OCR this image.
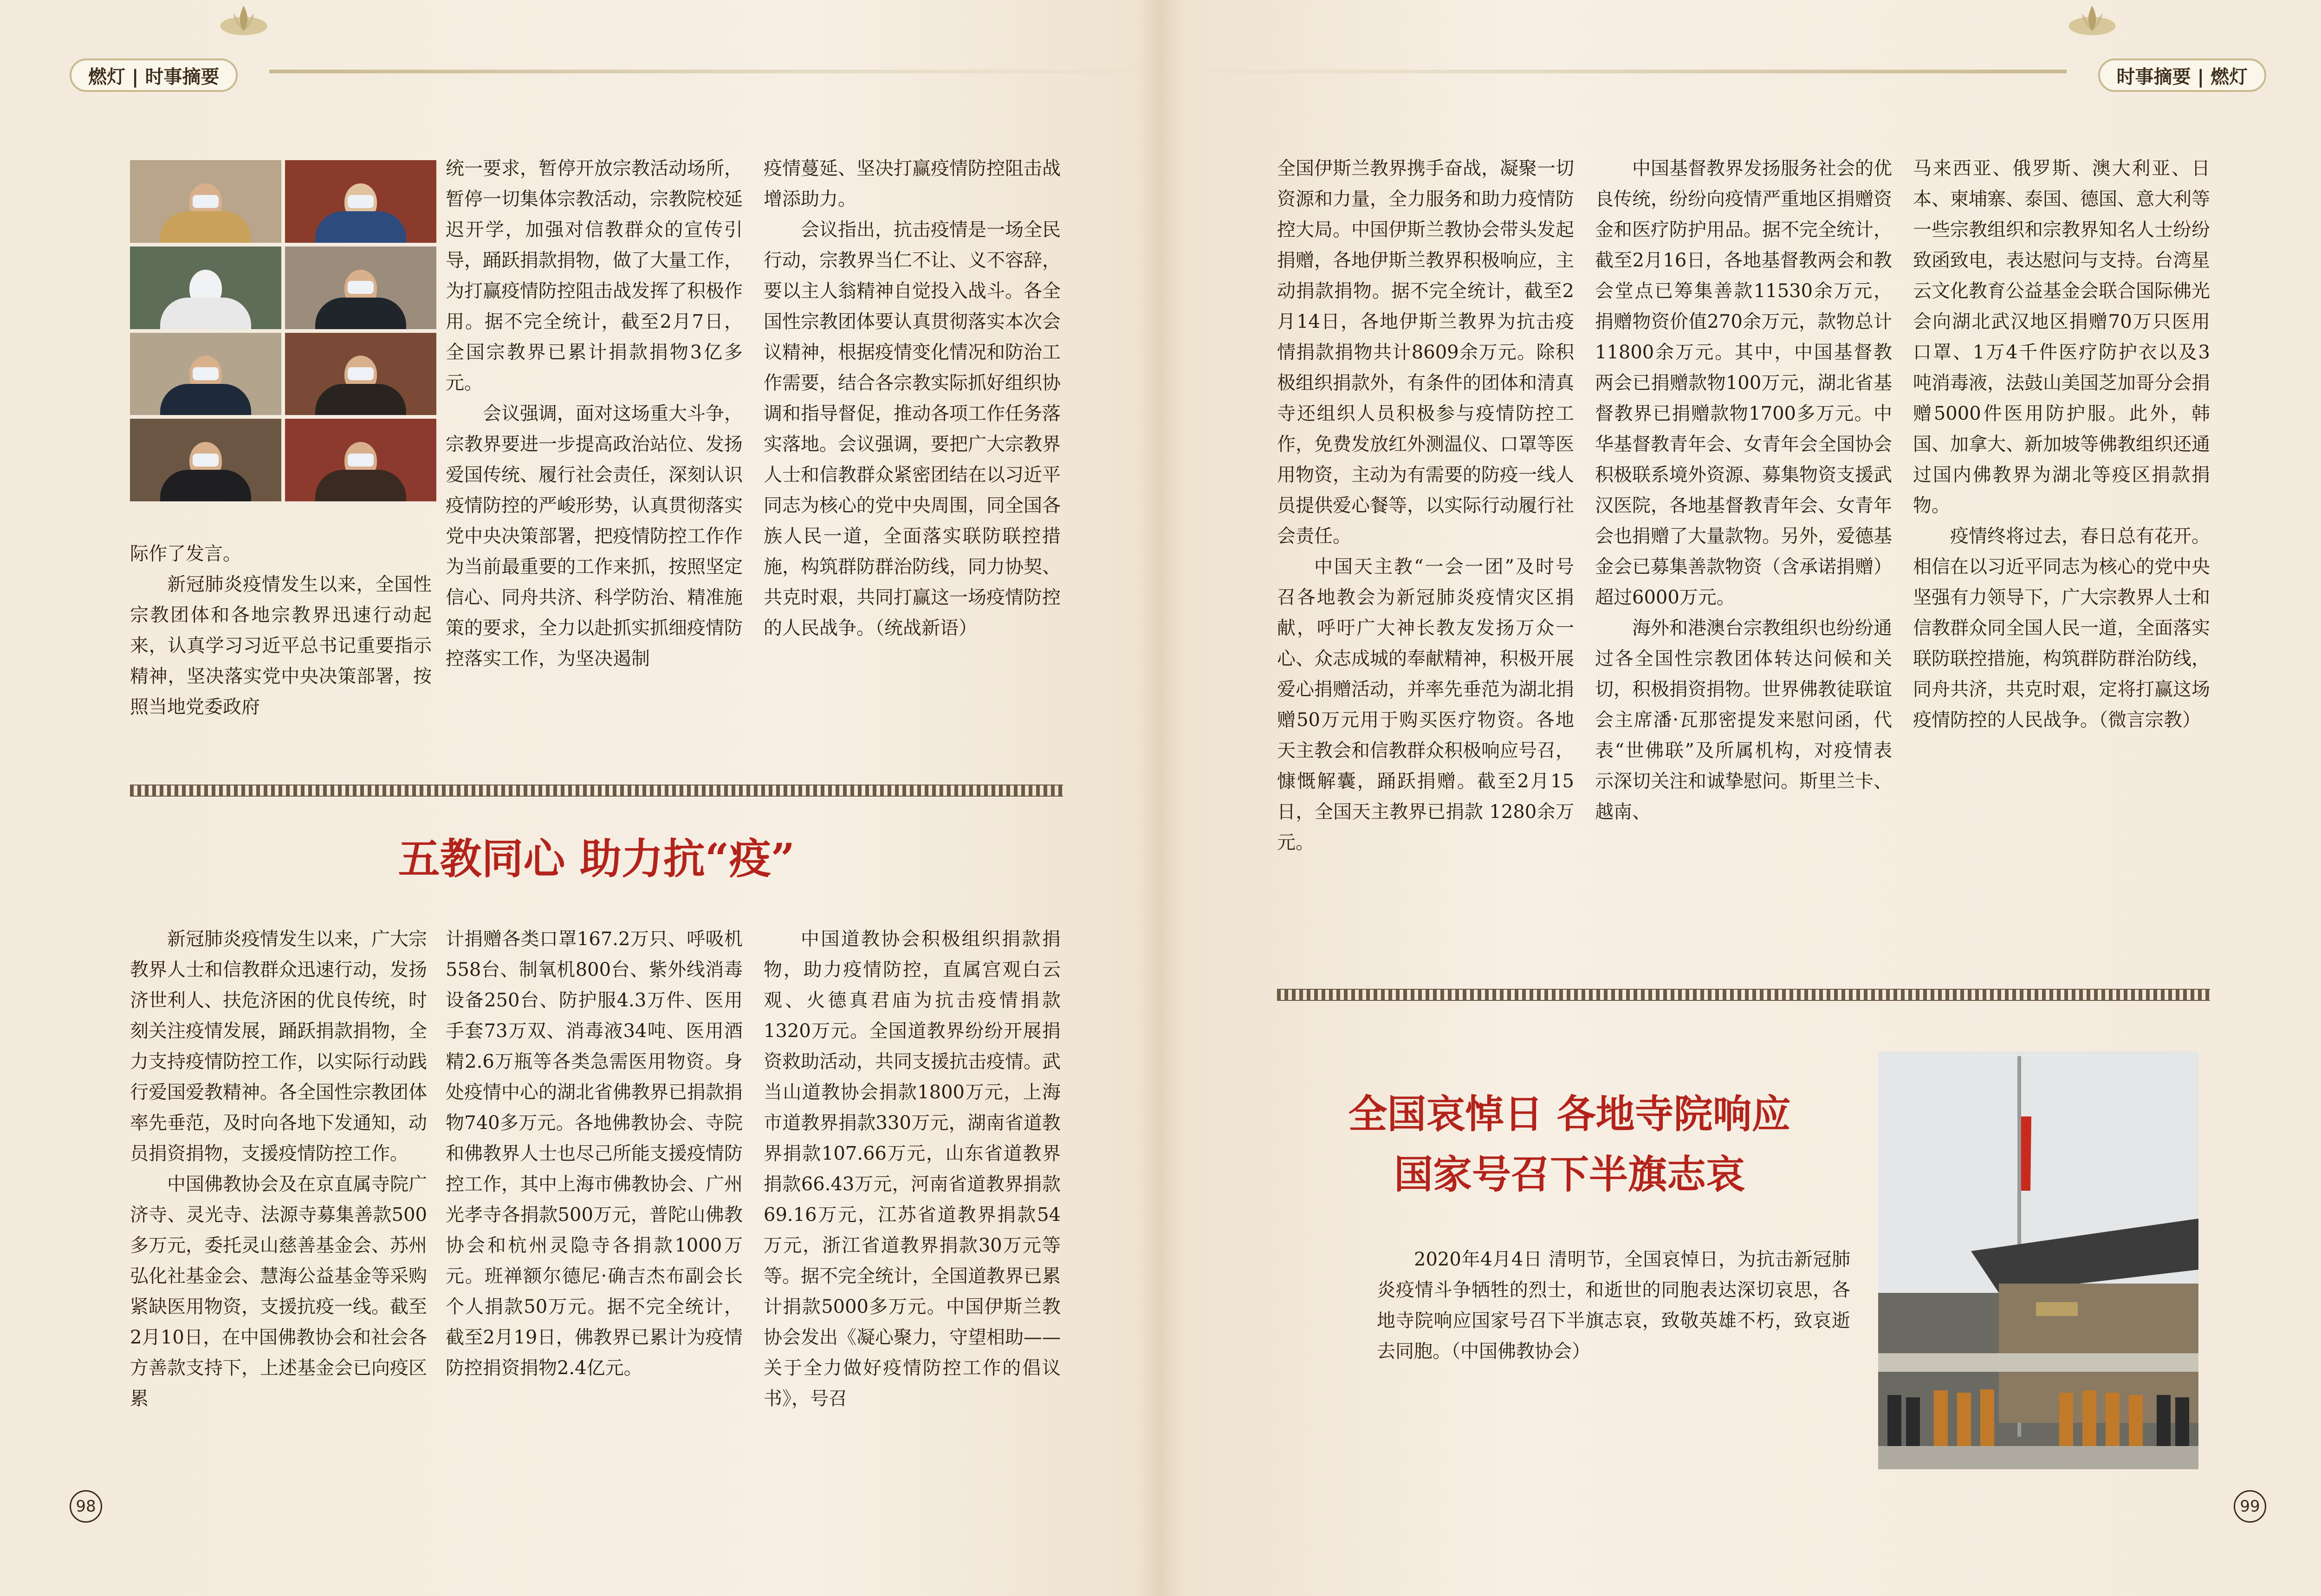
燃灯 | 时事摘要

际作了发言。

新冠肺炎疫情发生以来，全国性宗教团体和各地宗教界迅速行动起来，认真学习习近平总书记重要指示精神，坚决落实党中央决策部署，按照当地党委政府

统一要求，暂停开放宗教活动场所，暂停一切集体宗教活动，宗教院校延迟开学，加强对信教群众的宣传引导，踊跃捐款捐物，做了大量工作，为打赢疫情防控阻击战发挥了积极作用。据不完全统计，截至2月7日，全国宗教界已累计捐款捐物3亿多元。

会议强调，面对这场重大斗争，宗教界要进一步提高政治站位、发扬爱国传统、履行社会责任，深刻认识疫情防控的严峻形势，认真贯彻落实党中央决策部署，把疫情防控工作作为当前最重要的工作来抓，按照坚定信心、同舟共济、科学防治、精准施策的要求，全力以赴抓实抓细疫情防控落实工作，为坚决遏制

疫情蔓延、坚决打赢疫情防控阻击战增添助力。

会议指出，抗击疫情是一场全民行动，宗教界当仁不让、义不容辞，要以主人翁精神自觉投入战斗。各全国性宗教团体要认真贯彻落实本次会议精神，根据疫情变化情况和防治工作需要，结合各宗教实际抓好组织协调和指导督促，推动各项工作任务落实落地。会议强调，要把广大宗教界人士和信教群众紧密团结在以习近平同志为核心的党中央周围，同全国各族人民一道，全面落实联防联控措施，构筑群防群治防线，同力协契、共克时艰，共同打赢这一场疫情防控的人民战争。（统战新语）

五教同心 助力抗“疫”

新冠肺炎疫情发生以来，广大宗教界人士和信教群众迅速行动，发扬济世利人、扶危济困的优良传统，时刻关注疫情发展，踊跃捐款捐物，全力支持疫情防控工作，以实际行动践行爱国爱教精神。各全国性宗教团体率先垂范，及时向各地下发通知，动员捐资捐物，支援疫情防控工作。

中国佛教协会及在京直属寺院广济寺、灵光寺、法源寺募集善款500多万元，委托灵山慈善基金会、苏州弘化社基金会、慧海公益基金等采购紧缺医用物资，支援抗疫一线。截至2月10日，在中国佛教协会和社会各方善款支持下，上述基金会已向疫区累

计捐赠各类口罩167.2万只、呼吸机558台、制氧机800台、紫外线消毒设备250台、防护服4.3万件、医用手套73万双、消毒液34吨、医用酒精2.6万瓶等各类急需医用物资。身处疫情中心的湖北省佛教界已捐款捐物740多万元。各地佛教协会、寺院和佛教界人士也尽己所能支援疫情防控工作，其中上海市佛教协会、广州光孝寺各捐款500万元，普陀山佛教协会和杭州灵隐寺各捐款1000万元。班禅额尔德尼·确吉杰布副会长个人捐款50万元。据不完全统计，截至2月19日，佛教界已累计为疫情防控捐资捐物2.4亿元。

中国道教协会积极组织捐款捐物，助力疫情防控，直属宫观白云观、火德真君庙为抗击疫情捐款1320万元。全国道教界纷纷开展捐资救助活动，共同支援抗击疫情。武当山道教协会捐款1800万元，上海市道教界捐款330万元，湖南省道教界捐款107.66万元，山东省道教界捐款66.43万元，河南省道教界捐款69.16万元，江苏省道教界捐款54万元，浙江省道教界捐款30万元等等。据不完全统计，全国道教界已累计捐款5000多万元。中国伊斯兰教协会发出《凝心聚力，守望相助——关于全力做好疫情防控工作的倡议书》，号召

98
时事摘要 | 燃灯

全国伊斯兰教界携手奋战，凝聚一切资源和力量，全力服务和助力疫情防控大局。中国伊斯兰教协会带头发起捐赠，各地伊斯兰教界积极响应，主动捐款捐物。据不完全统计，截至2月14日，各地伊斯兰教界为抗击疫情捐款捐物共计8609余万元。除积极组织捐款外，有条件的团体和清真寺还组织人员积极参与疫情防控工作，免费发放红外测温仪、口罩等医用物资，主动为有需要的防疫一线人员提供爱心餐等，以实际行动履行社会责任。

中国天主教“一会一团”及时号召各地教会为新冠肺炎疫情灾区捐献，呼吁广大神长教友发扬万众一心、众志成城的奉献精神，积极开展爱心捐赠活动，并率先垂范为湖北捐赠50万元用于购买医疗物资。各地天主教会和信教群众积极响应号召，慷慨解囊，踊跃捐赠。截至2月15日，全国天主教界已捐款 1280余万元。

中国基督教界发扬服务社会的优良传统，纷纷向疫情严重地区捐赠资金和医疗防护用品。据不完全统计，截至2月16日，各地基督教两会和教会堂点已筹集善款11530余万元，捐赠物资价值270余万元，款物总计11800余万元。其中，中国基督教两会已捐赠款物100万元，湖北省基督教界已捐赠款物1700多万元。中华基督教青年会、女青年会全国协会积极联系境外资源、募集物资支援武汉医院，各地基督教青年会、女青年会也捐赠了大量款物。另外，爱德基金会已募集善款物资（含承诺捐赠）超过6000万元。

海外和港澳台宗教组织也纷纷通过各全国性宗教团体转达问候和关切，积极捐资捐物。世界佛教徒联谊会主席潘·瓦那密提发来慰问函，代表“世佛联”及所属机构，对疫情表示深切关注和诚挚慰问。斯里兰卡、越南、

马来西亚、俄罗斯、澳大利亚、日本、柬埔寨、泰国、德国、意大利等一些宗教组织和宗教界知名人士纷纷致函致电，表达慰问与支持。台湾星云文化教育公益基金会联合国际佛光会向湖北武汉地区捐赠70万只医用口罩、1万4千件医疗防护衣以及3 吨消毒液，法鼓山美国芝加哥分会捐赠5000件医用防护服。此外，韩国、加拿大、新加坡等佛教组织还通过国内佛教界为湖北等疫区捐款捐物。

疫情终将过去，春日总有花开。相信在以习近平同志为核心的党中央坚强有力领导下，广大宗教界人士和信教群众同全国人民一道，全面落实联防联控措施，构筑群防群治防线，同舟共济，共克时艰，定将打赢这场疫情防控的人民战争。（微言宗教）

全国哀悼日 各地寺院响应
国家号召下半旗志哀

2020年4月4日 清明节，全国哀悼日，为抗击新冠肺炎疫情斗争牺牲的烈士，和逝世的同胞表达深切哀思，各地寺院响应国家号召下半旗志哀，致敬英雄不朽，致哀逝去同胞。（中国佛教协会）

99
